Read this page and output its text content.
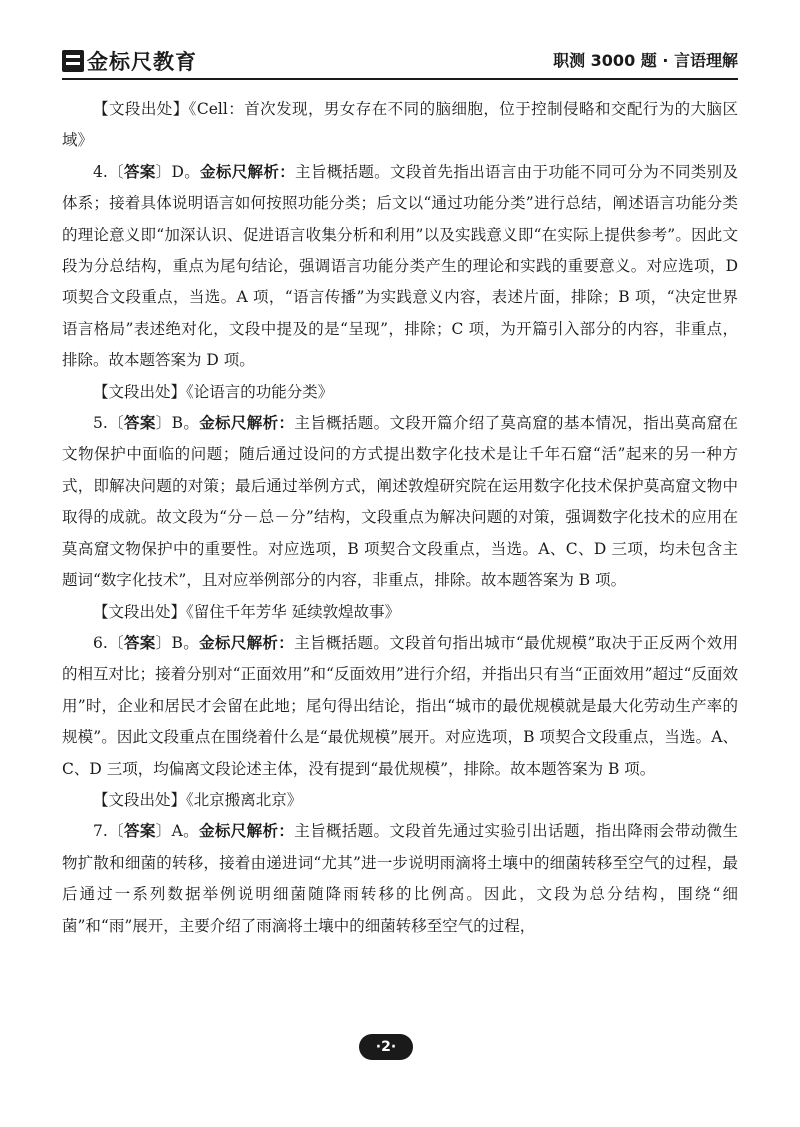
金标尺教育	职测 3000 题 · 言语理解

【文段出处】《Cell：首次发现，男女存在不同的脑细胞，位于控制侵略和交配行为的大脑区域》

4.〔答案〕D。金标尺解析：主旨概括题。文段首先指出语言由于功能不同可分为不同类别及体系；接着具体说明语言如何按照功能分类；后文以“通过功能分类”进行总结，阐述语言功能分类的理论意义即“加深认识、促进语言收集分析和利用”以及实践意义即“在实际上提供参考”。因此文段为分总结构，重点为尾句结论，强调语言功能分类产生的理论和实践的重要意义。对应选项，D 项契合文段重点，当选。A 项，“语言传播”为实践意义内容，表述片面，排除；B 项，“决定世界语言格局”表述绝对化，文段中提及的是“呈现”，排除；C 项，为开篇引入部分的内容，非重点，排除。故本题答案为 D 项。

【文段出处】《论语言的功能分类》

5.〔答案〕B。金标尺解析：主旨概括题。文段开篇介绍了莫高窟的基本情况，指出莫高窟在文物保护中面临的问题；随后通过设问的方式提出数字化技术是让千年石窟“活”起来的另一种方式，即解决问题的对策；最后通过举例方式，阐述敦煌研究院在运用数字化技术保护莫高窟文物中取得的成就。故文段为“分－总－分”结构，文段重点为解决问题的对策，强调数字化技术的应用在莫高窟文物保护中的重要性。对应选项，B 项契合文段重点，当选。A、C、D 三项，均未包含主题词“数字化技术”，且对应举例部分的内容，非重点，排除。故本题答案为 B 项。

【文段出处】《留住千年芳华 延续敦煌故事》

6.〔答案〕B。金标尺解析：主旨概括题。文段首句指出城市“最优规模”取决于正反两个效用的相互对比；接着分别对“正面效用”和“反面效用”进行介绍，并指出只有当“正面效用”超过“反面效用”时，企业和居民才会留在此地；尾句得出结论，指出“城市的最优规模就是最大化劳动生产率的规模”。因此文段重点在围绕着什么是“最优规模”展开。对应选项，B 项契合文段重点，当选。A、C、D 三项，均偏离文段论述主体，没有提到“最优规模”，排除。故本题答案为 B 项。

【文段出处】《北京搬离北京》

7.〔答案〕A。金标尺解析：主旨概括题。文段首先通过实验引出话题，指出降雨会带动微生物扩散和细菌的转移，接着由递进词“尤其”进一步说明雨滴将土壤中的细菌转移至空气的过程，最后通过一系列数据举例说明细菌随降雨转移的比例高。因此，文段为总分结构，围绕“细菌”和“雨”展开，主要介绍了雨滴将土壤中的细菌转移至空气的过程，

·2·
